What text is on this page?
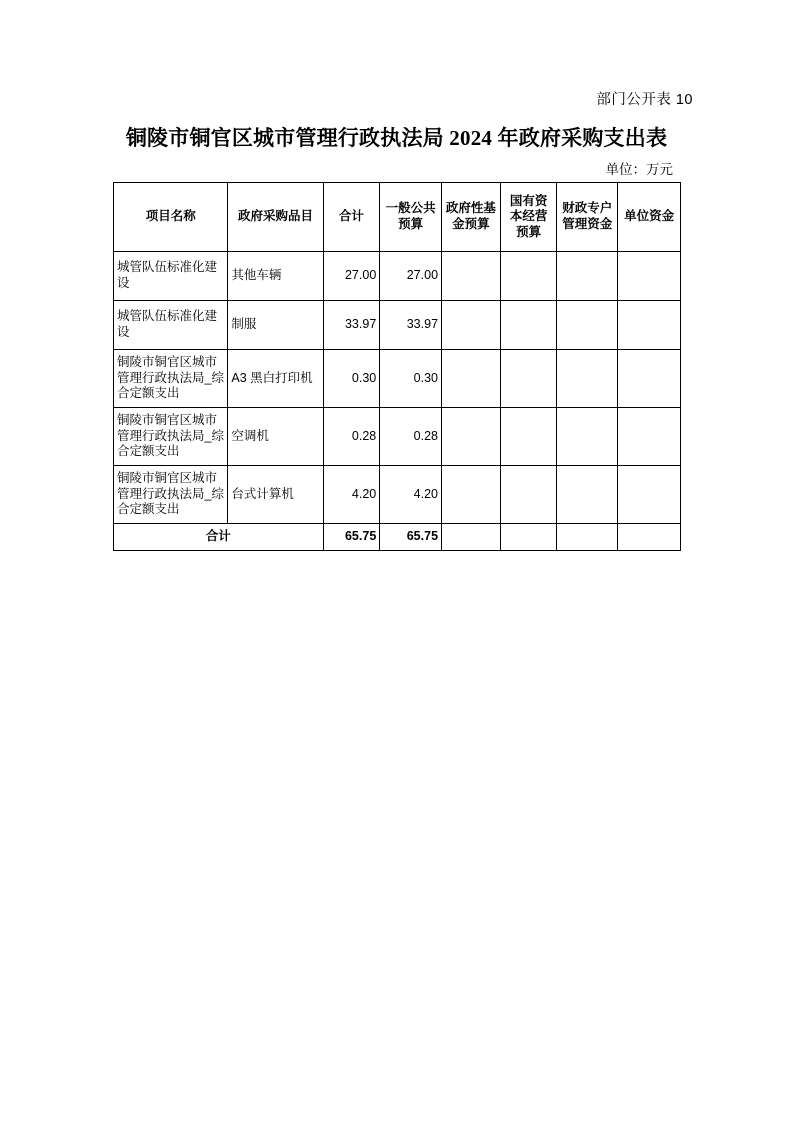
部门公开表 10
铜陵市铜官区城市管理行政执法局 2024 年政府采购支出表
单位：万元
项目名称	政府采购品目	合计	一般公共预算	政府性基金预算	国有资本经营预算	财政专户管理资金	单位资金
城管队伍标准化建设	其他车辆	27.00	27.00				
城管队伍标准化建设	制服	33.97	33.97				
铜陵市铜官区城市管理行政执法局_综合定额支出	A3 黑白打印机	0.30	0.30				
铜陵市铜官区城市管理行政执法局_综合定额支出	空调机	0.28	0.28				
铜陵市铜官区城市管理行政执法局_综合定额支出	台式计算机	4.20	4.20				
合计		65.75	65.75				
